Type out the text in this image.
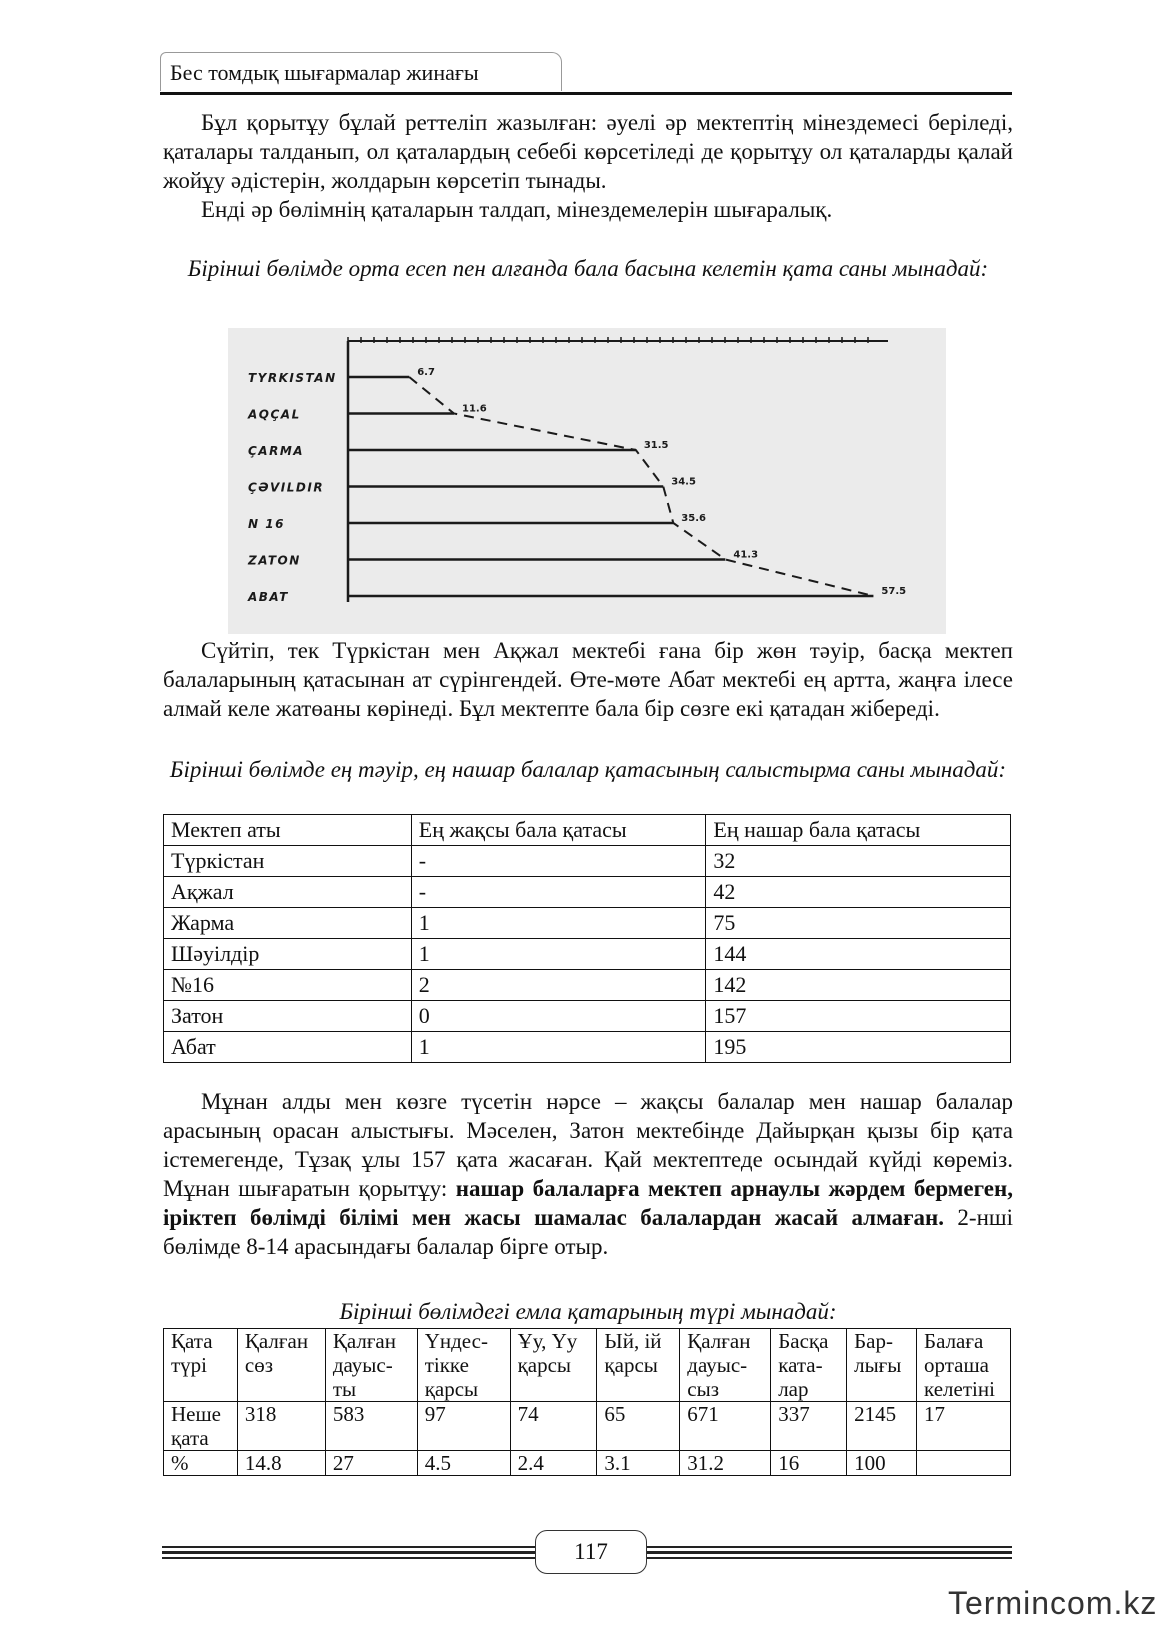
Бес томдық шығармалар жинағы

Бұл қорытұу бұлай реттеліп жазылған: әуелі әр мектептің мінездемесі беріледі, қаталары талданып, ол қаталардың себебі көрсетіледі де қорытұу ол қаталарды қалай жойұу әдістерін, жолдарын көрсетіп тынады.

Енді әр бөлімнің қаталарын талдап, мінездемелерін шығаралық.

Бірінші бөлімде орта есеп пен алғанда бала басына келетін қата саны мынадай:

TYRKISTAN	6.7
AQÇAL	11.6
ÇARMA	31.5
ÇƏVILDIR	34.5
N 16	35.6
ZATON	41.3
ABAT	57.5

Сүйтіп, тек Түркістан мен Ақжал мектебі ғана бір жөн тәуір, басқа мектеп балаларының қатасынан ат сүрінгендей. Өте-мөте Абат мектебі ең артта, жаңға ілесе алмай келе жатөаны көрінеді. Бұл мектепте бала бір сөзге екі қатадан жібереді.

Бірінші бөлімде ең тәуір, ең нашар балалар қатасының салыстырма саны мынадай:

Мектеп аты	Ең жақсы бала қатасы	Ең нашар бала қатасы
Түркістан	-	32
Ақжал	-	42
Жарма	1	75
Шәуілдір	1	144
№16	2	142
Затон	0	157
Абат	1	195

Мұнан алды мен көзге түсетін нәрсе – жақсы балалар мен нашар балалар арасының орасан алыстығы. Мәселен, Затон мектебінде Дайырқан қызы бір қата істемегенде, Тұзақ ұлы 157 қата жасаған. Қай мектептеде осындай күйді көреміз. Мұнан шығаратын қорытұу: нашар балаларға мектеп арнаулы жәрдем бермеген, іріктеп бөлімді білімі мен жасы шамалас балалардан жасай алмаған. 2-нші бөлімде 8-14 арасындағы балалар бірге отыр.

Бірінші бөлімдегі емла қатарының түрі мынадай:

Қата түрі	Қалған сөз	Қалған дауыс-ты	Үндес-тікке қарсы	Ұу, Үу қарсы	Ый, ій қарсы	Қалған дауыс-сыз	Басқа ката-лар	Бар-лығы	Балаға орташа келетіні
Неше қата	318	583	97	74	65	671	337	2145	17
%	14.8	27	4.5	2.4	3.1	31.2	16	100	
117
Termincom.kz
